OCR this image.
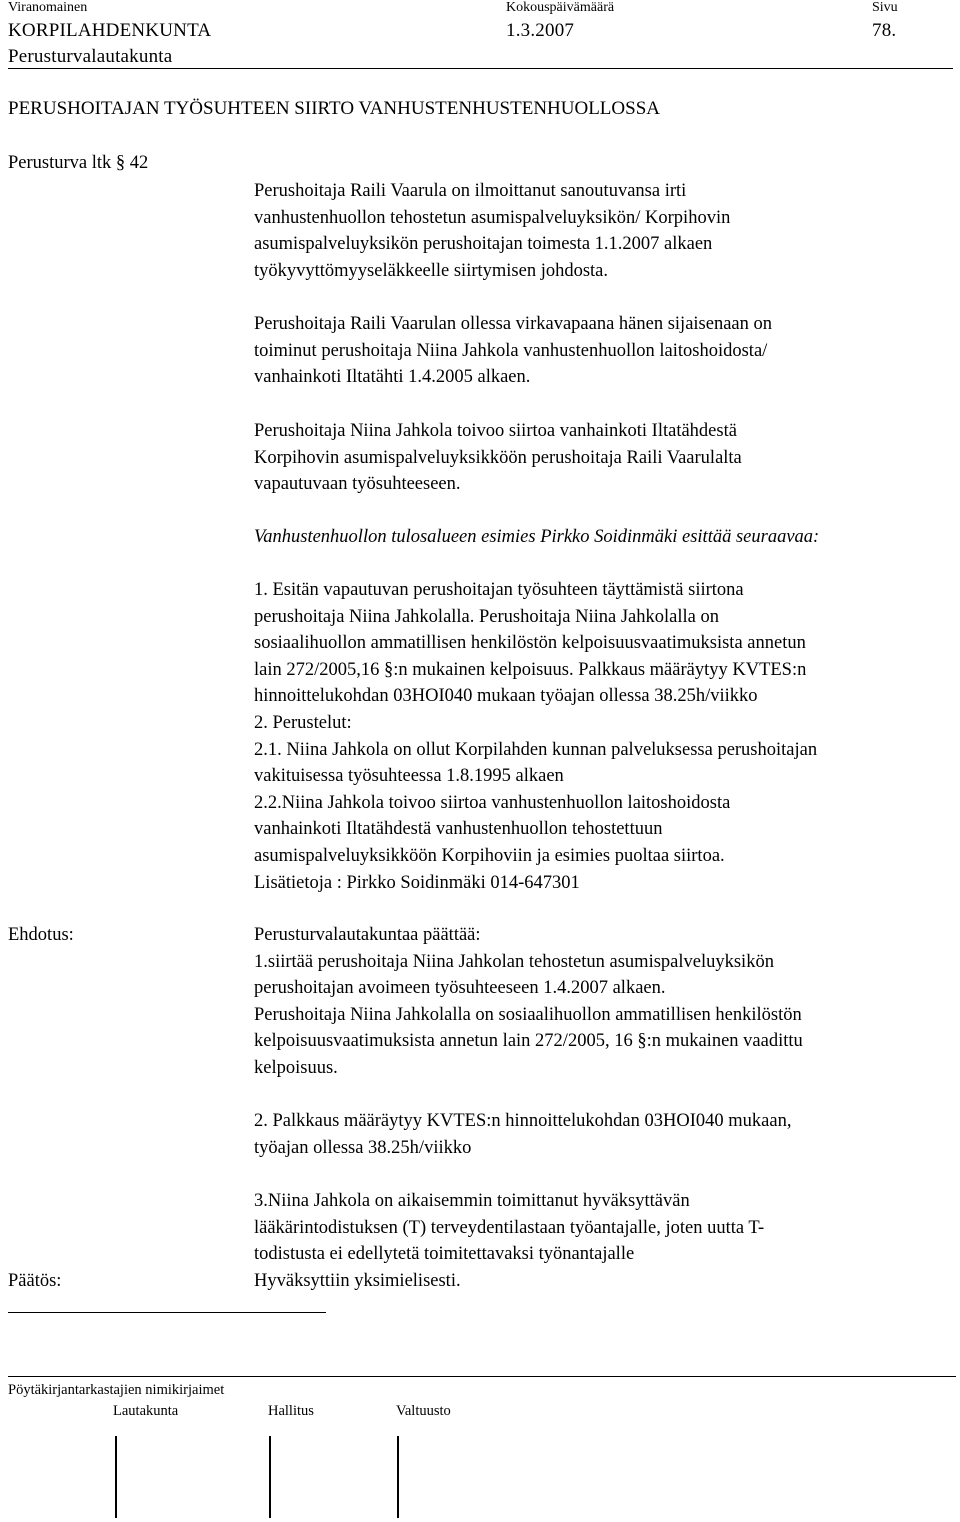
Viranomainen	Kokouspäivämäärä	Sivu
KORPILAHDENKUNTA	1.3.2007	78.
Perusturvalautakunta
PERUSHOITAJAN TYÖSUHTEEN SIIRTO VANHUSTENHUSTENHUOLLOSSA
Perusturva ltk § 42
Perushoitaja Raili Vaarula on ilmoittanut sanoutuvansa irti
vanhustenhuollon tehostetun asumispalveluyksikön/ Korpihovin
asumispalveluyksikön perushoitajan toimesta 1.1.2007 alkaen
työkyvyttömyyseläkkeelle siirtymisen johdosta.
Perushoitaja Raili Vaarulan ollessa virkavapaana hänen sijaisenaan on
toiminut perushoitaja Niina Jahkola vanhustenhuollon laitoshoidosta/
vanhainkoti Iltatähti 1.4.2005 alkaen.
Perushoitaja Niina Jahkola toivoo siirtoa vanhainkoti Iltatähdestä
Korpihovin asumispalveluyksikköön perushoitaja Raili Vaarulalta
vapautuvaan työsuhteeseen.
Vanhustenhuollon tulosalueen esimies Pirkko Soidinmäki esittää seuraavaa:
1. Esitän vapautuvan perushoitajan työsuhteen täyttämistä siirtona
perushoitaja Niina Jahkolalla. Perushoitaja Niina Jahkolalla on
sosiaalihuollon ammatillisen henkilöstön kelpoisuusvaatimuksista annetun
lain 272/2005,16 §:n mukainen kelpoisuus. Palkkaus määräytyy KVTES:n
hinnoittelukohdan 03HOI040 mukaan työajan ollessa 38.25h/viikko
2. Perustelut:
2.1. Niina Jahkola on ollut Korpilahden kunnan palveluksessa perushoitajan
vakituisessa työsuhteessa 1.8.1995 alkaen
2.2.Niina Jahkola toivoo siirtoa vanhustenhuollon laitoshoidosta
vanhainkoti Iltatähdestä vanhustenhuollon tehostettuun
asumispalveluyksikköön Korpihoviin ja esimies puoltaa siirtoa.
Lisätietoja : Pirkko Soidinmäki 014-647301
Ehdotus:	Perusturvalautakuntaa päättää:
1.siirtää perushoitaja Niina Jahkolan tehostetun asumispalveluyksikön
perushoitajan avoimeen työsuhteeseen 1.4.2007 alkaen.
Perushoitaja Niina Jahkolalla on sosiaalihuollon ammatillisen henkilöstön
kelpoisuusvaatimuksista annetun lain 272/2005, 16 §:n mukainen vaadittu
kelpoisuus.
2. Palkkaus määräytyy KVTES:n hinnoittelukohdan 03HOI040 mukaan,
työajan ollessa 38.25h/viikko
3.Niina Jahkola on aikaisemmin toimittanut hyväksyttävän
lääkärintodistuksen (T) terveydentilastaan työantajalle, joten uutta T-
todistusta ei edellytetä toimitettavaksi työnantajalle
Päätös:	Hyväksyttiin yksimielisesti.
Pöytäkirjantarkastajien nimikirjaimet
Lautakunta	Hallitus	Valtuusto
